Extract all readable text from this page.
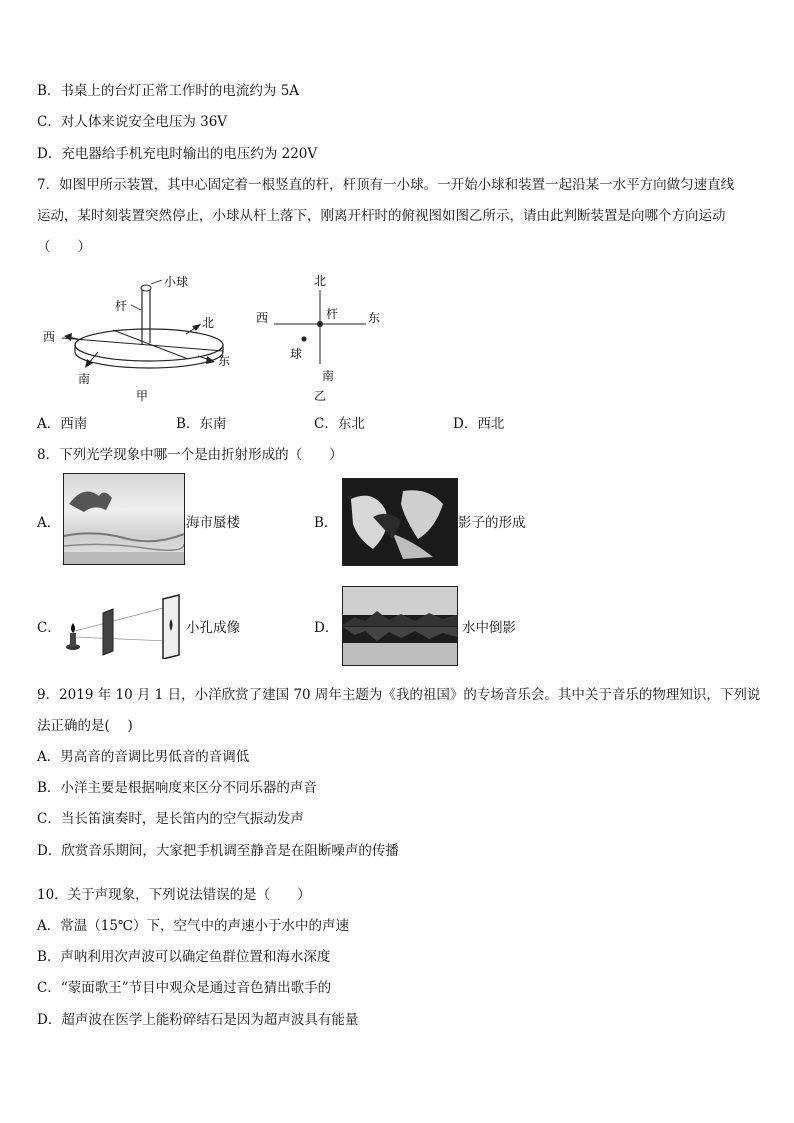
B．书桌上的台灯正常工作时的电流约为 5A
C．对人体来说安全电压为 36V
D．充电器给手机充电时输出的电压约为 220V
7．如图甲所示装置，其中心固定着一根竖直的杆，杆顶有一小球。一开始小球和装置一起沿某一水平方向做匀速直线
运动，某时刻装置突然停止，小球从杆上落下，刚离开杆时的俯视图如图乙所示，请由此判断装置是向哪个方向运动
（　　）
小球
杆
西
北
东
南
甲
北
西	东
杆
球
南
乙
A．西南	B．东南	C．东北	D．西北
8．下列光学现象中哪一个是由折射形成的（　　）
A．	海市蜃楼	B．	影子的形成
C．	小孔成像	D．	水中倒影
9．2019 年 10 月 1 日，小洋欣赏了建国 70 周年主题为《我的祖国》的专场音乐会。其中关于音乐的物理知识，下列说
法正确的是(　 )
A．男高音的音调比男低音的音调低
B．小洋主要是根据响度来区分不同乐器的声音
C．当长笛演奏时，是长笛内的空气振动发声
D．欣赏音乐期间，大家把手机调至静音是在阻断噪声的传播
10．关于声现象，下列说法错误的是（　　）
A．常温（15℃）下，空气中的声速小于水中的声速
B．声呐利用次声波可以确定鱼群位置和海水深度
C．“蒙面歌王”节目中观众是通过音色猜出歌手的
D．超声波在医学上能粉碎结石是因为超声波具有能量
